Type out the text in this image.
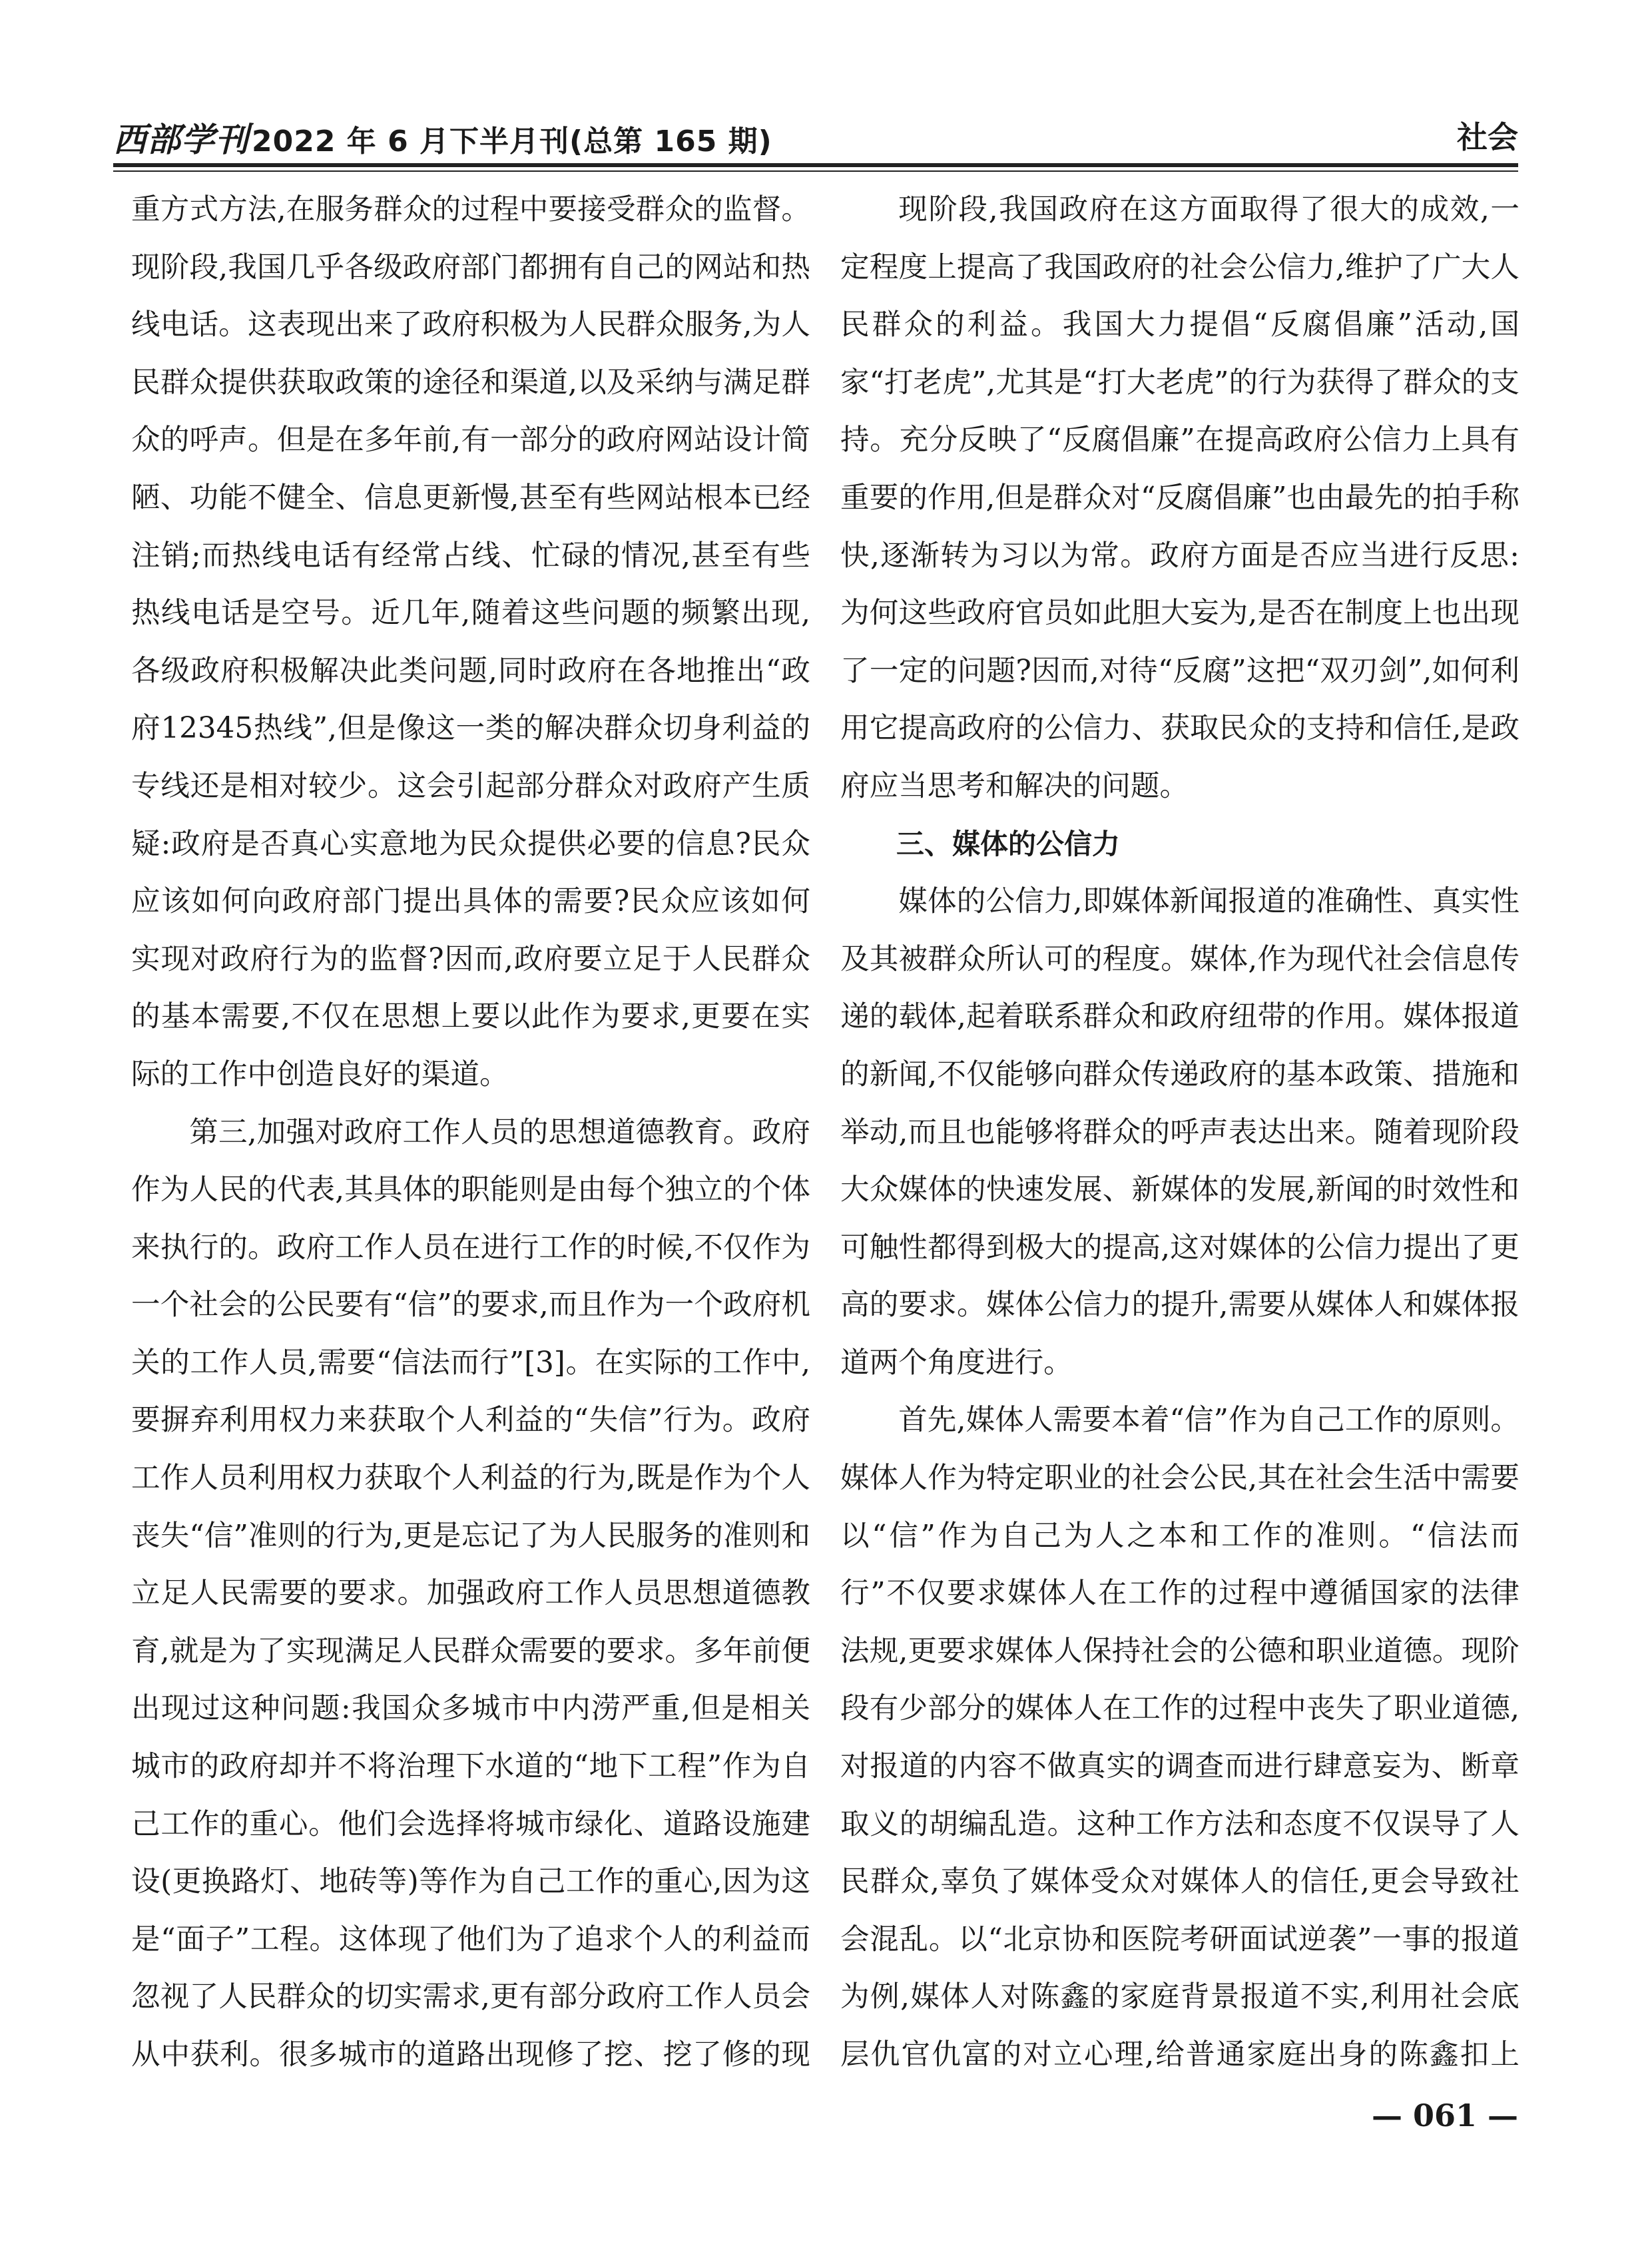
西部学刊2022 年 6 月下半月刊(总第 165 期)	社会

重方式方法,在服务群众的过程中要接受群众的监督。现阶段,我国几乎各级政府部门都拥有自己的网站和热线电话。这表现出来了政府积极为人民群众服务,为人民群众提供获取政策的途径和渠道,以及采纳与满足群众的呼声。但是在多年前,有一部分的政府网站设计简陋、功能不健全、信息更新慢,甚至有些网站根本已经注销;而热线电话有经常占线、忙碌的情况,甚至有些热线电话是空号。近几年,随着这些问题的频繁出现,各级政府积极解决此类问题,同时政府在各地推出“政府12345热线”,但是像这一类的解决群众切身利益的专线还是相对较少。这会引起部分群众对政府产生质疑:政府是否真心实意地为民众提供必要的信息?民众应该如何向政府部门提出具体的需要?民众应该如何实现对政府行为的监督?因而,政府要立足于人民群众的基本需要,不仅在思想上要以此作为要求,更要在实际的工作中创造良好的渠道。

第三,加强对政府工作人员的思想道德教育。政府作为人民的代表,其具体的职能则是由每个独立的个体来执行的。政府工作人员在进行工作的时候,不仅作为一个社会的公民要有“信”的要求,而且作为一个政府机关的工作人员,需要“信法而行”[3]。在实际的工作中,要摒弃利用权力来获取个人利益的“失信”行为。政府工作人员利用权力获取个人利益的行为,既是作为个人丧失“信”准则的行为,更是忘记了为人民服务的准则和立足人民需要的要求。加强政府工作人员思想道德教育,就是为了实现满足人民群众需要的要求。多年前便出现过这种问题:我国众多城市中内涝严重,但是相关城市的政府却并不将治理下水道的“地下工程”作为自己工作的重心。他们会选择将城市绿化、道路设施建设(更换路灯、地砖等)等作为自己工作的重心,因为这是“面子”工程。这体现了他们为了追求个人的利益而忽视了人民群众的切实需求,更有部分政府工作人员会从中获利。很多城市的道路出现修了挖、挖了修的现

现阶段,我国政府在这方面取得了很大的成效,一定程度上提高了我国政府的社会公信力,维护了广大人民群众的利益。我国大力提倡“反腐倡廉”活动,国家“打老虎”,尤其是“打大老虎”的行为获得了群众的支持。充分反映了“反腐倡廉”在提高政府公信力上具有重要的作用,但是群众对“反腐倡廉”也由最先的拍手称快,逐渐转为习以为常。政府方面是否应当进行反思:为何这些政府官员如此胆大妄为,是否在制度上也出现了一定的问题?因而,对待“反腐”这把“双刃剑”,如何利用它提高政府的公信力、获取民众的支持和信任,是政府应当思考和解决的问题。

三、媒体的公信力

媒体的公信力,即媒体新闻报道的准确性、真实性及其被群众所认可的程度。媒体,作为现代社会信息传递的载体,起着联系群众和政府纽带的作用。媒体报道的新闻,不仅能够向群众传递政府的基本政策、措施和举动,而且也能够将群众的呼声表达出来。随着现阶段大众媒体的快速发展、新媒体的发展,新闻的时效性和可触性都得到极大的提高,这对媒体的公信力提出了更高的要求。媒体公信力的提升,需要从媒体人和媒体报道两个角度进行。

首先,媒体人需要本着“信”作为自己工作的原则。媒体人作为特定职业的社会公民,其在社会生活中需要以“信”作为自己为人之本和工作的准则。“信法而行”不仅要求媒体人在工作的过程中遵循国家的法律法规,更要求媒体人保持社会的公德和职业道德。现阶段有少部分的媒体人在工作的过程中丧失了职业道德,对报道的内容不做真实的调查而进行肆意妄为、断章取义的胡编乱造。这种工作方法和态度不仅误导了人民群众,辜负了媒体受众对媒体人的信任,更会导致社会混乱。以“北京协和医院考研面试逆袭”一事的报道为例,媒体人对陈鑫的家庭背景报道不实,利用社会底层仇官仇富的对立心理,给普通家庭出身的陈鑫扣上

— 061 —
